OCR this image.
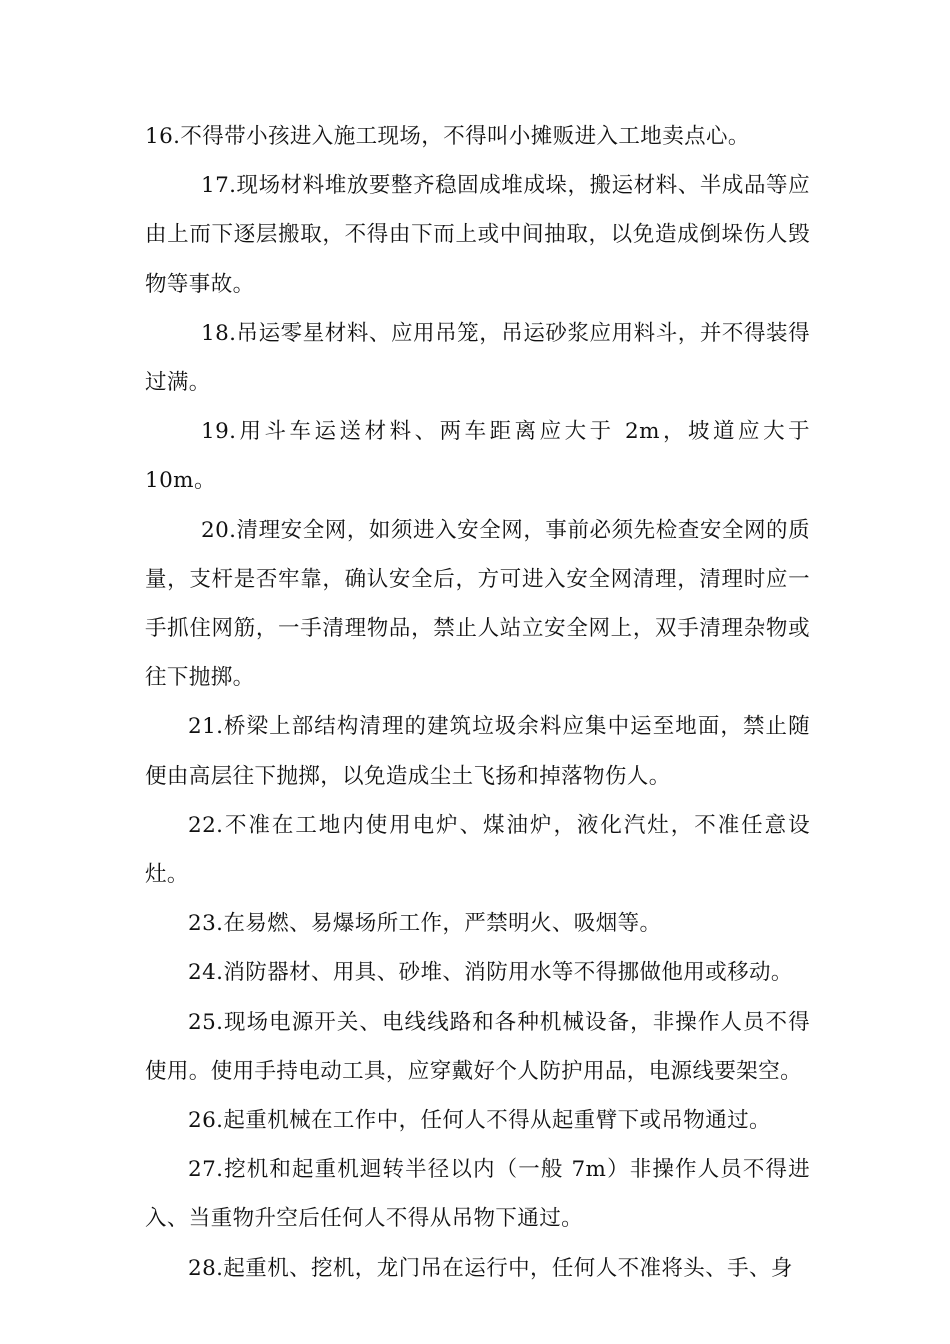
16.不得带小孩进入施工现场，不得叫小摊贩进入工地卖点心。

17.现场材料堆放要整齐稳固成堆成垛，搬运材料、半成品等应由上而下逐层搬取，不得由下而上或中间抽取，以免造成倒垛伤人毁物等事故。

18.吊运零星材料、应用吊笼，吊运砂浆应用料斗，并不得装得过满。

19.用斗车运送材料、两车距离应大于 2m，坡道应大于 10m。

20.清理安全网，如须进入安全网，事前必须先检查安全网的质量，支杆是否牢靠，确认安全后，方可进入安全网清理，清理时应一手抓住网筋，一手清理物品，禁止人站立安全网上，双手清理杂物或往下抛掷。

21.桥梁上部结构清理的建筑垃圾余料应集中运至地面，禁止随便由高层往下抛掷，以免造成尘土飞扬和掉落物伤人。

22.不准在工地内使用电炉、煤油炉，液化汽灶，不准任意设灶。

23.在易燃、易爆场所工作，严禁明火、吸烟等。

24.消防器材、用具、砂堆、消防用水等不得挪做他用或移动。

25.现场电源开关、电线线路和各种机械设备，非操作人员不得使用。使用手持电动工具，应穿戴好个人防护用品，电源线要架空。

26.起重机械在工作中，任何人不得从起重臂下或吊物通过。

27.挖机和起重机迴转半径以内（一般 7m）非操作人员不得进入、当重物升空后任何人不得从吊物下通过。

28.起重机、挖机，龙门吊在运行中，任何人不准将头、手、身
